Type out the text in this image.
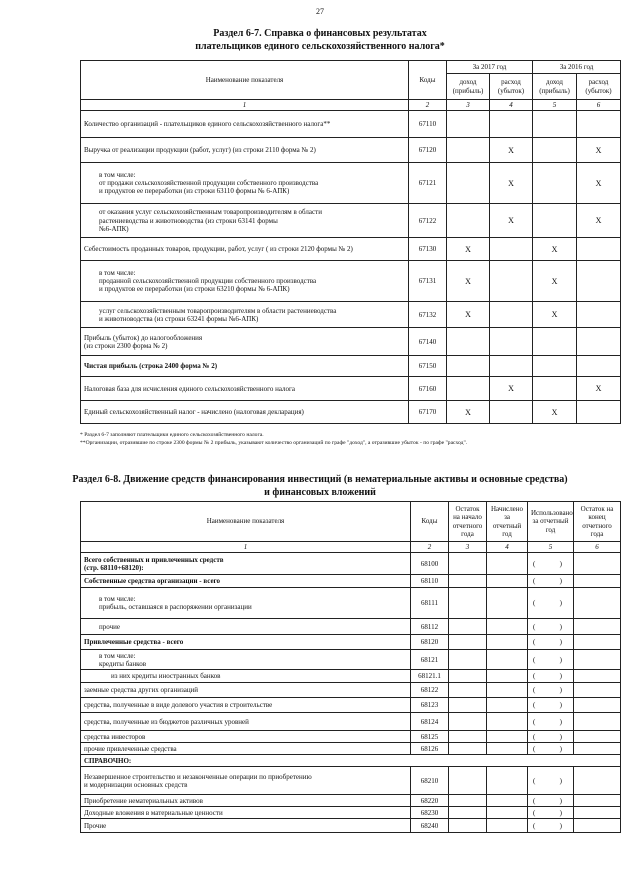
27
Раздел 6-7. Справка о финансовых результатах
плательщиков единого сельскохозяйственного налога*
Наименование показателя	Коды	За 2017 год		За 2016 год	
		доход (прибыль)	расход (убыток)	доход (прибыль)	расход (убыток)
1	2	3	4	5	6
Количество организаций - плательщиков единого сельскохозяйственного налога**	67110				
Выручка от реализации продукции (работ, услуг) (из строки 2110 форма № 2)	67120		X		X
в том числе:
от продажи сельскохозяйственной продукции собственного производства
и продуктов ее переработки (из строки 63110 формы № 6-АПК)	67121		X		X
от оказания услуг сельскохозяйственным товаропроизводителям в области
растениеводства и животноводства (из строки 63141 формы
№6-АПК)	67122		X		X
Себестоимость проданных товаров, продукции, работ, услуг ( из строки 2120 формы № 2)	67130	X		X	
в том числе:
проданной сельскохозяйственной продукции собственного производства
и продуктов ее переработки (из строки 63210 формы № 6-АПК)	67131	X		X	
услуг сельскохозяйственным товаропроизводителям в области растениеводства
и животноводства (из строки 63241 формы №6-АПК)	67132	X		X	
Прибыль (убыток) до налогообложения
(из строки 2300 форма № 2)	67140				
Чистая прибыль (строка 2400 форма № 2)	67150				
Налоговая база для исчисления единого сельскохозяйственного налога	67160		X		X
Единый сельскохозяйственный налог - начислено (налоговая декларация)	67170	X		X	
* Раздел 6-7 заполняют плательщики единого сельскохозяйственного налога.
**Организации, отразившие по строке 2300 формы № 2 прибыль, указывают количество организаций по графе "доход", а отразившие убыток - по графе "расход".
Раздел 6-8. Движение средств финансирования инвестиций (в нематериальные активы и основные средства)
и финансовых вложений
Наименование показателя	Коды	Остаток на начало отчетного года	Начислено за отчетный год	Использовано за отчетный год	Остаток на конец отчетного года
1	2	3	4	5	6
Всего собственных и привлеченных средств
(стр. 68110+68120):	68100			( )	

Собственные средства организации - всего	68110			( )	

в том числе:
прибыль, оставшаяся в распоряжении организации	68111			( )	

прочие	68112			( )	

Привлеченные средства - всего	68120			( )	

в том числе:
кредиты банков	68121			( )	

из них кредиты иностранных банков	68121.1			( )	

заемные средства других организаций	68122			( )	

средства, полученные в виде долевого участия в строительстве	68123			( )	

средства, полученные из бюджетов различных уровней	68124			( )	

средства инвесторов	68125			( )	

прочие привлеченные средства	68126			( )	

СПРАВОЧНО:					
Незавершенное строительство и незаконченные операции по приобретению
и модернизации основных средств	68210			( )	

Приобретение нематериальных активов	68220			( )	

Доходные вложения в материальные ценности	68230			( )	

Прочие	68240			( )	
